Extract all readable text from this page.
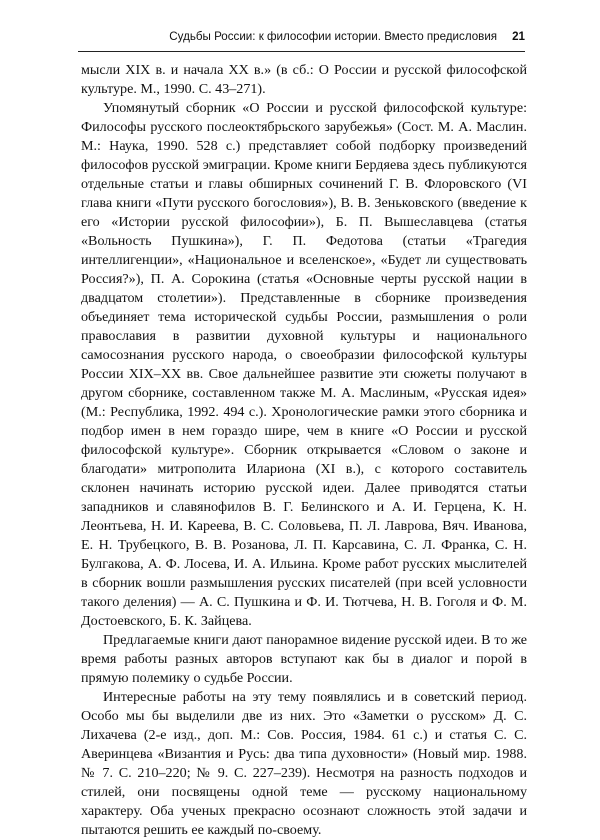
Судьбы России: к философии истории. Вместо предисловия 21

мысли XIX в. и начала XX в.» (в сб.: О России и русской философской культуре. М., 1990. С. 43–271).

Упомянутый сборник «О России и русской философской культуре: Философы русского послеоктябрьского зарубежья» (Сост. М. А. Маслин. М.: Наука, 1990. 528 с.) представляет собой подборку произведений философов русской эмиграции. Кроме книги Бердяева здесь публикуются отдельные статьи и главы обширных сочинений Г. В. Флоровского (VI глава книги «Пути русского богословия»), В. В. Зеньковского (введение к его «Истории русской философии»), Б. П. Вышеславцева (статья «Вольность Пушкина»), Г. П. Федотова (статьи «Трагедия интеллигенции», «Национальное и вселенское», «Будет ли существовать Россия?»), П. А. Сорокина (статья «Основные черты русской нации в двадцатом столетии»). Представленные в сборнике произведения объединяет тема исторической судьбы России, размышления о роли православия в развитии духовной культуры и национального самосознания русского народа, о своеобразии философской культуры России XIX–XX вв. Свое дальнейшее развитие эти сюжеты получают в другом сборнике, составленном также М. А. Маслиным, «Русская идея» (М.: Республика, 1992. 494 с.). Хронологические рамки этого сборника и подбор имен в нем гораздо шире, чем в книге «О России и русской философской культуре». Сборник открывается «Словом о законе и благодати» митрополита Илариона (XI в.), с которого составитель склонен начинать историю русской идеи. Далее приводятся статьи западников и славянофилов В. Г. Белинского и А. И. Герцена, К. Н. Леонтьева, Н. И. Кареева, В. С. Соловьева, П. Л. Лаврова, Вяч. Иванова, Е. Н. Трубецкого, В. В. Розанова, Л. П. Карсавина, С. Л. Франка, С. Н. Булгакова, А. Ф. Лосева, И. А. Ильина. Кроме работ русских мыслителей в сборник вошли размышления русских писателей (при всей условности такого деления) — А. С. Пушкина и Ф. И. Тютчева, Н. В. Гоголя и Ф. М. Достоевского, Б. К. Зайцева.

Предлагаемые книги дают панорамное видение русской идеи. В то же время работы разных авторов вступают как бы в диалог и порой в прямую полемику о судьбе России.

Интересные работы на эту тему появлялись и в советский период. Особо мы бы выделили две из них. Это «Заметки о русском» Д. С. Лихачева (2-е изд., доп. М.: Сов. Россия, 1984. 61 с.) и статья С. С. Аверинцева «Византия и Русь: два типа духовности» (Новый мир. 1988. № 7. С. 210–220; № 9. С. 227–239). Несмотря на разность подходов и стилей, они посвящены одной теме — русскому национальному характеру. Оба ученых прекрасно осознают сложность этой задачи и пытаются решить ее каждый по-своему.
